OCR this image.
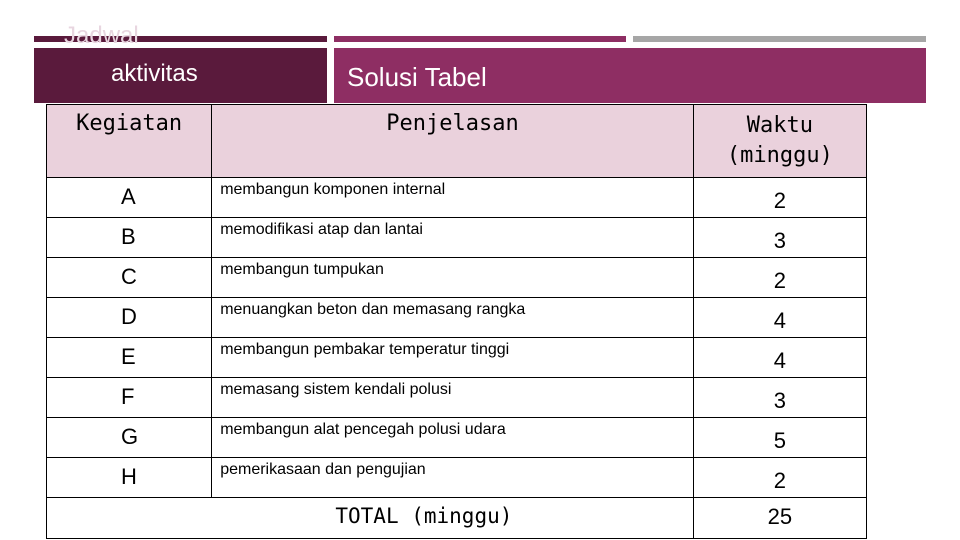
Jadwal
aktivitas	Solusi Tabel
Kegiatan	Penjelasan	Waktu (minggu)
A	membangun komponen internal	2
B	memodifikasi atap dan lantai	3
C	membangun tumpukan	2
D	menuangkan beton dan memasang rangka	4
E	membangun pembakar temperatur tinggi	4
F	memasang sistem kendali polusi	3
G	membangun alat pencegah polusi udara	5
H	pemerikasaan dan pengujian	2
TOTAL (minggu)		25
